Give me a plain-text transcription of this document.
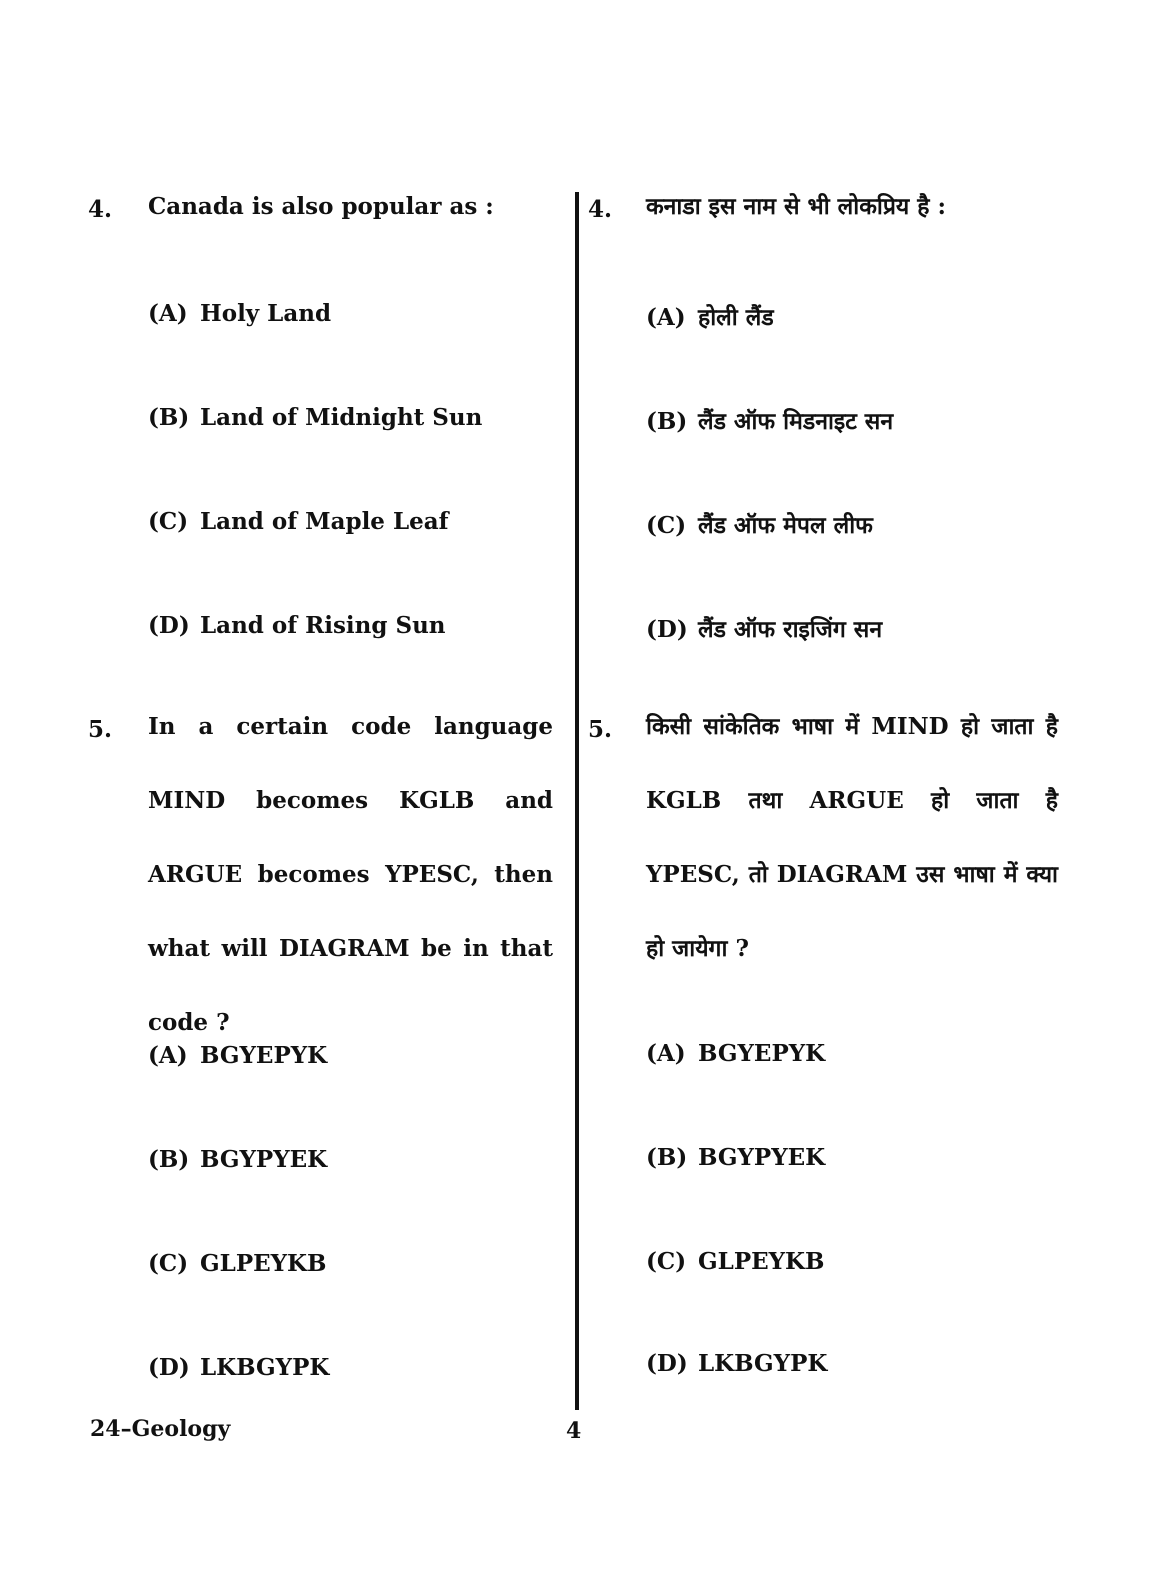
4. Canada is also popular as :
(A) Holy Land
(B) Land of Midnight Sun
(C) Land of Maple Leaf
(D) Land of Rising Sun
5. In a certain code language MIND becomes KGLB and ARGUE becomes YPESC, then what will DIAGRAM be in that code ?
(A) BGYEPYK
(B) BGYPYEK
(C) GLPEYKB
(D) LKBGYPK
4. कनाडा इस नाम से भी लोकप्रिय है :
(A) होली लैंड
(B) लैंड ऑफ मिडनाइट सन
(C) लैंड ऑफ मेपल लीफ
(D) लैंड ऑफ राइजिंग सन
5. किसी सांकेतिक भाषा में MIND हो जाता है KGLB तथा ARGUE हो जाता है YPESC, तो DIAGRAM उस भाषा में क्या हो जायेगा ?
(A) BGYEPYK
(B) BGYPYEK
(C) GLPEYKB
(D) LKBGYPK
24–Geology	4
